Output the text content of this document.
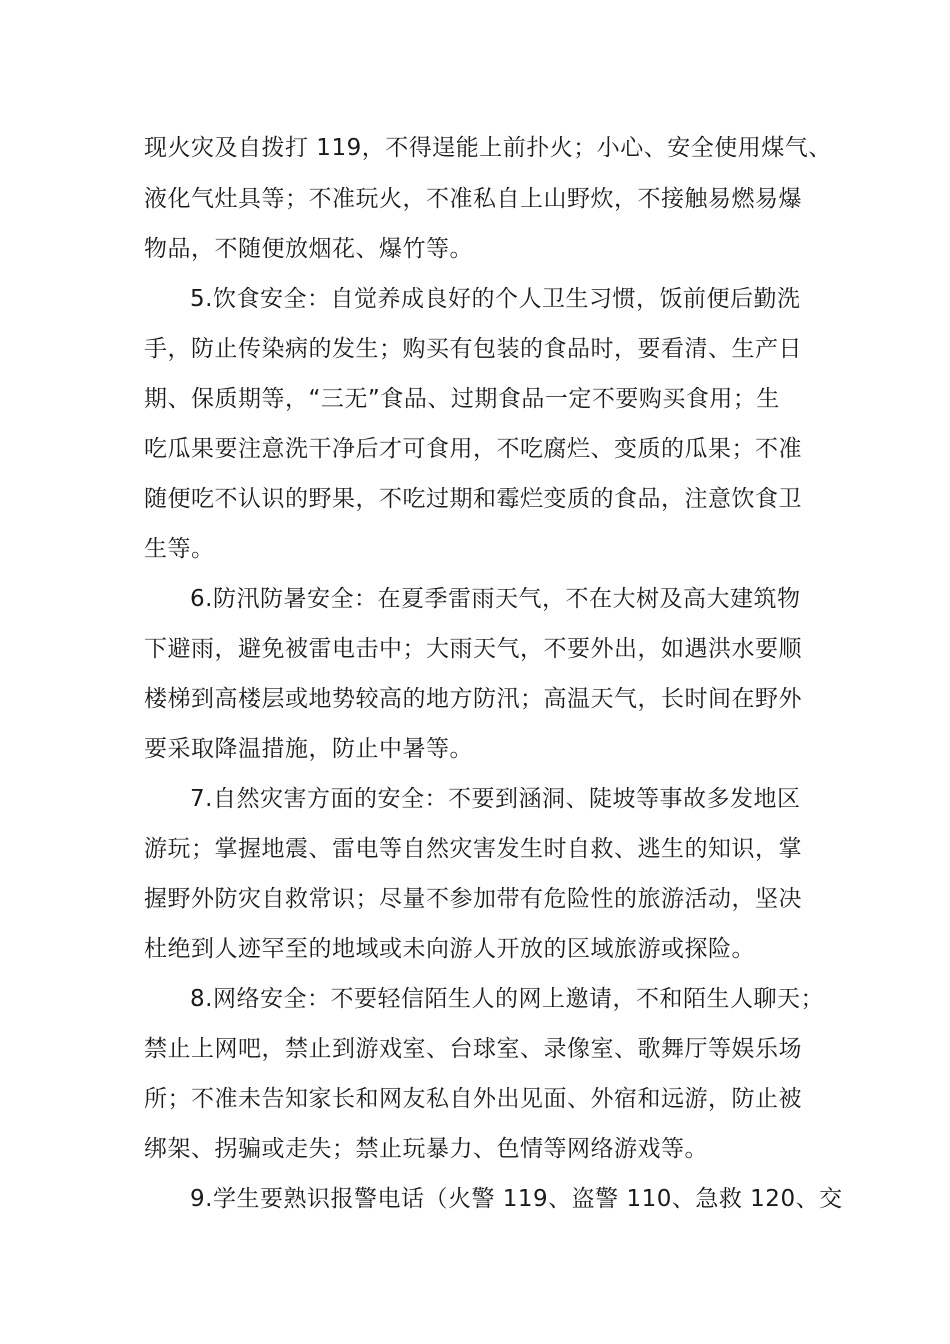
现火灾及自拨打 119，不得逞能上前扑火；小心、安全使用煤气、
液化气灶具等；不准玩火，不准私自上山野炊，不接触易燃易爆
物品，不随便放烟花、爆竹等。
5.饮食安全：自觉养成良好的个人卫生习惯，饭前便后勤洗
手，防止传染病的发生；购买有包装的食品时，要看清、生产日
期、保质期等，“三无”食品、过期食品一定不要购买食用；生
吃瓜果要注意洗干净后才可食用，不吃腐烂、变质的瓜果；不准
随便吃不认识的野果，不吃过期和霉烂变质的食品，注意饮食卫
生等。
6.防汛防暑安全：在夏季雷雨天气，不在大树及高大建筑物
下避雨，避免被雷电击中；大雨天气，不要外出，如遇洪水要顺
楼梯到高楼层或地势较高的地方防汛；高温天气，长时间在野外
要采取降温措施，防止中暑等。
7.自然灾害方面的安全：不要到涵洞、陡坡等事故多发地区
游玩；掌握地震、雷电等自然灾害发生时自救、逃生的知识，掌
握野外防灾自救常识；尽量不参加带有危险性的旅游活动，坚决
杜绝到人迹罕至的地域或未向游人开放的区域旅游或探险。
8.网络安全：不要轻信陌生人的网上邀请，不和陌生人聊天；
禁止上网吧，禁止到游戏室、台球室、录像室、歌舞厅等娱乐场
所；不准未告知家长和网友私自外出见面、外宿和远游，防止被
绑架、拐骗或走失；禁止玩暴力、色情等网络游戏等。
9.学生要熟识报警电话（火警 119、盗警 110、急救 120、交
